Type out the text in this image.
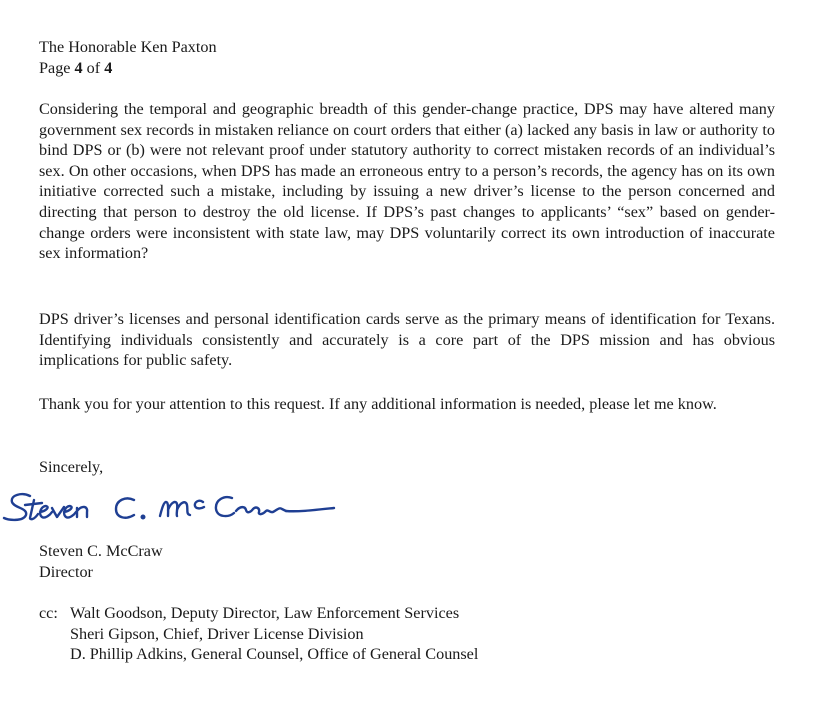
The Honorable Ken Paxton
Page 4 of 4

Considering the temporal and geographic breadth of this gender-change practice, DPS may have altered many government sex records in mistaken reliance on court orders that either (a) lacked any basis in law or authority to bind DPS or (b) were not relevant proof under statutory authority to correct mistaken records of an individual’s sex. On other occasions, when DPS has made an erroneous entry to a person’s records, the agency has on its own initiative corrected such a mistake, including by issuing a new driver’s license to the person concerned and directing that person to destroy the old license. If DPS’s past changes to applicants’ “sex” based on gender-change orders were inconsistent with state law, may DPS voluntarily correct its own introduction of inaccurate sex information?

DPS driver’s licenses and personal identification cards serve as the primary means of identification for Texans. Identifying individuals consistently and accurately is a core part of the DPS mission and has obvious implications for public safety.

Thank you for your attention to this request. If any additional information is needed, please let me know.

Sincerely,
Steven C. McCraw
Director
cc: Walt Goodson, Deputy Director, Law Enforcement Services
Sheri Gipson, Chief, Driver License Division
D. Phillip Adkins, General Counsel, Office of General Counsel
